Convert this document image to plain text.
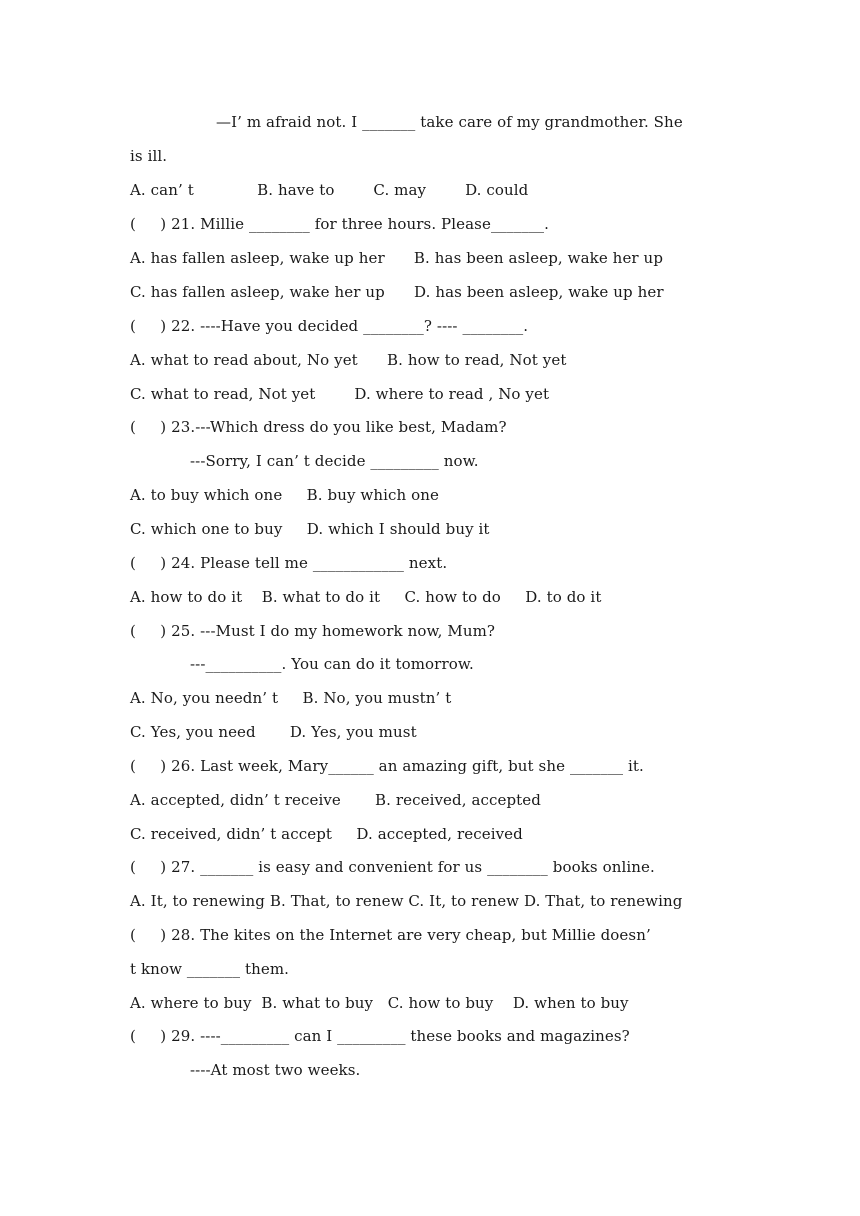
—I’ m afraid not. I _______ take care of my grandmother. She
is ill.
A. can’ t             B. have to        C. may        D. could
(     ) 21. Millie ________ for three hours. Please_______.
A. has fallen asleep, wake up her      B. has been asleep, wake her up
C. has fallen asleep, wake her up      D. has been asleep, wake up her
(     ) 22. ----Have you decided ________? ---- ________.
A. what to read about, No yet      B. how to read, Not yet
C. what to read, Not yet        D. where to read , No yet
(     ) 23.---Which dress do you like best, Madam?
---Sorry, I can’ t decide _________ now.
A. to buy which one     B. buy which one
C. which one to buy     D. which I should buy it
(     ) 24. Please tell me ____________ next.
A. how to do it    B. what to do it     C. how to do     D. to do it
(     ) 25. ---Must I do my homework now, Mum?
---__________. You can do it tomorrow.
A. No, you needn’ t     B. No, you mustn’ t
C. Yes, you need       D. Yes, you must
(     ) 26. Last week, Mary______ an amazing gift, but she _______ it.
A. accepted, didn’ t receive       B. received, accepted
C. received, didn’ t accept     D. accepted, received
(     ) 27. _______ is easy and convenient for us ________ books online.
A. It, to renewing B. That, to renew C. It, to renew D. That, to renewing
(     ) 28. The kites on the Internet are very cheap, but Millie doesn’
t know _______ them.
A. where to buy  B. what to buy   C. how to buy    D. when to buy
(     ) 29. ----_________ can I _________ these books and magazines?
----At most two weeks.
